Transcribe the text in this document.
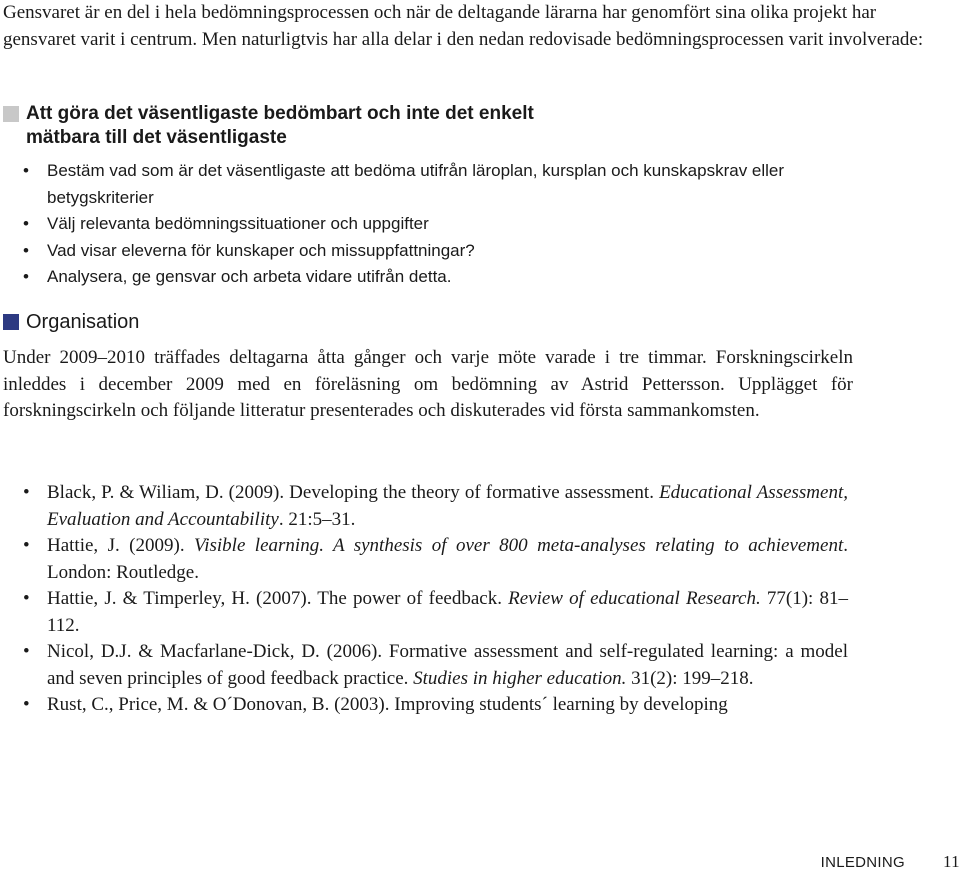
Gensvaret är en del i hela bedömningsprocessen och när de deltagande lärarna har genomfört sina olika projekt har gensvaret varit i centrum. Men naturligtvis har alla delar i den nedan redovisade bedömningsprocessen varit involverade:

Att göra det väsentligaste bedömbart och inte det enkelt mätbara till det väsentligaste
• Bestäm vad som är det väsentligaste att bedöma utifrån läroplan, kursplan och kunskapskrav eller betygskriterier
• Välj relevanta bedömningssituationer och uppgifter
• Vad visar eleverna för kunskaper och missuppfattningar?
• Analysera, ge gensvar och arbeta vidare utifrån detta.
Organisation

Under 2009–2010 träffades deltagarna åtta gånger och varje möte varade i tre timmar. Forskningscirkeln inleddes i december 2009 med en föreläsning om bedömning av Astrid Pettersson. Upplägget för forskningscirkeln och följande litteratur presenterades och diskuterades vid första sammankomsten.

• Black, P. & Wiliam, D. (2009). Developing the theory of formative assessment. Educational Assessment, Evaluation and Accountability. 21:5–31.
• Hattie, J. (2009). Visible learning. A synthesis of over 800 meta-analyses relating to achievement. London: Routledge.
• Hattie, J. & Timperley, H. (2007). The power of feedback. Review of educational Research. 77(1): 81–112.
• Nicol, D.J. & Macfarlane-Dick, D. (2006). Formative assessment and self-regulated learning: a model and seven principles of good feedback practice. Studies in higher education. 31(2): 199–218.
• Rust, C., Price, M. & O´Donovan, B. (2003). Improving students´ learning by developing
INLEDNING 11
